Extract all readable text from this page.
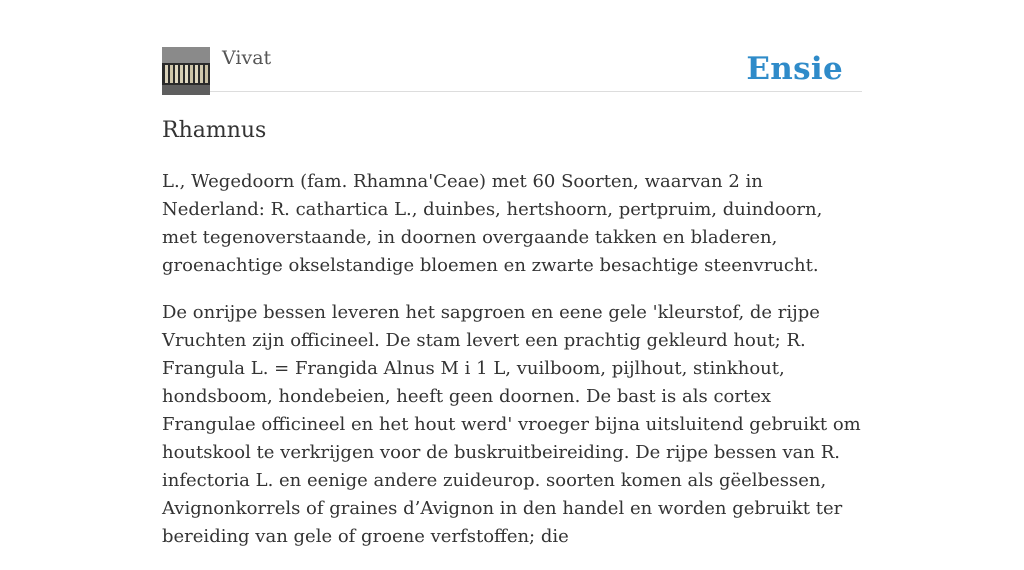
Vivat	Ensie
Rhamnus

L., Wegedoorn (fam. Rhamna'Ceae) met 60 Soorten, waarvan 2 in Nederland: R. cathartica L., duinbes, hertshoorn, pertpruim, duindoorn, met tegenoverstaande, in doornen overgaande takken en bladeren, groenachtige okselstandige bloemen en zwarte besachtige steenvrucht.

De onrijpe bessen leveren het sapgroen en eene gele 'kleurstof, de rijpe Vruchten zijn officineel. De stam levert een prachtig gekleurd hout; R. Frangula L. = Frangida Alnus M i 1 L, vuilboom, pijlhout, stinkhout, hondsboom, hondebeien, heeft geen doornen. De bast is als cortex Frangulae officineel en het hout werd' vroeger bijna uitsluitend gebruikt om houtskool te verkrijgen voor de buskruitbeireiding. De rijpe bessen van R. infectoria L. en eenige andere zuideurop. soorten komen als gëelbessen, Avignonkorrels of graines d’Avignon in den handel en worden gebruikt ter bereiding van gele of groene verfstoffen; die
